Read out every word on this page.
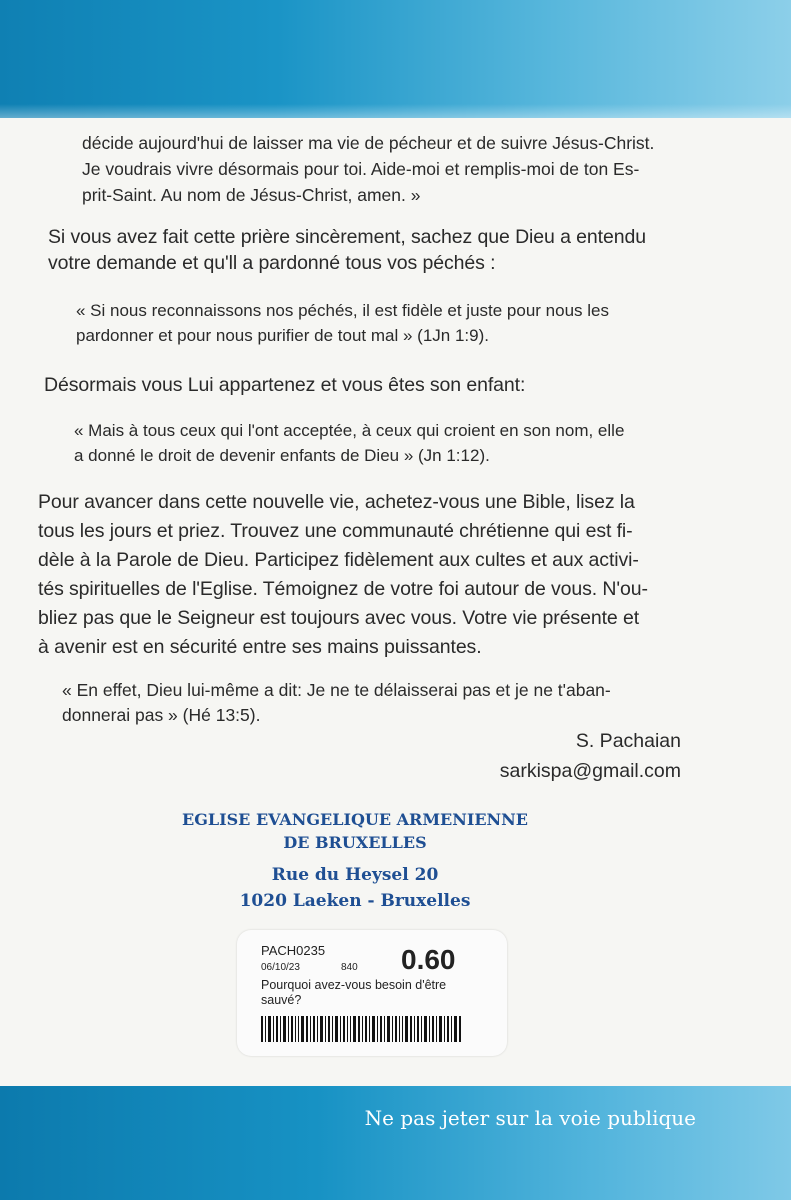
décide aujourd'hui de laisser ma vie de pécheur et de suivre Jésus-Christ.
Je voudrais vivre désormais pour toi. Aide-moi et remplis-moi de ton Es-
prit-Saint. Au nom de Jésus-Christ, amen. »

Si vous avez fait cette prière sincèrement, sachez que Dieu a entendu
votre demande et qu'll a pardonné tous vos péchés :

« Si nous reconnaissons nos péchés, il est fidèle et juste pour nous les
pardonner et pour nous purifier de tout mal » (1Jn 1:9).

Désormais vous Lui appartenez et vous êtes son enfant:

« Mais à tous ceux qui l'ont acceptée, à ceux qui croient en son nom, elle
a donné le droit de devenir enfants de Dieu » (Jn 1:12).

Pour avancer dans cette nouvelle vie, achetez-vous une Bible, lisez la
tous les jours et priez. Trouvez une communauté chrétienne qui est fi-
dèle à la Parole de Dieu. Participez fidèlement aux cultes et aux activi-
tés spirituelles de l'Eglise. Témoignez de votre foi autour de vous. N'ou-
bliez pas que le Seigneur est toujours avec vous. Votre vie présente et
à avenir est en sécurité entre ses mains puissantes.

« En effet, Dieu lui-même a dit: Je ne te délaisserai pas et je ne t'aban-
donnerai pas » (Hé 13:5).

S. Pachaian
sarkispa@gmail.com
EGLISE EVANGELIQUE ARMENIENNE
DE BRUXELLES
Rue du Heysel 20
1020 Laeken - Bruxelles
PACH0235
06/10/23	840 0.60
Pourquoi avez-vous besoin d'être
sauvé?
Ne pas jeter sur la voie publique
